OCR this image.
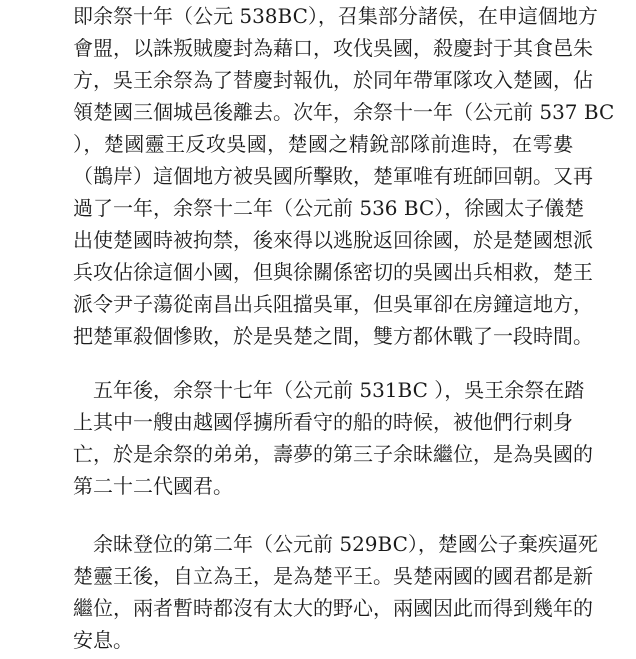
即余祭十年（公元 538BC），召集部分諸侯，在申這個地方
會盟，以誅叛賊慶封為藉口，攻伐吳國，殺慶封于其食邑朱
方，吳王余祭為了替慶封報仇，於同年帶軍隊攻入楚國，佔
領楚國三個城邑後離去。次年，余祭十一年（公元前 537 BC
），楚國靈王反攻吳國，楚國之精銳部隊前進時，在雩婁
（鵲岸）這個地方被吳國所擊敗，楚軍唯有班師回朝。又再
過了一年，余祭十二年（公元前 536 BC），徐國太子儀楚
出使楚國時被拘禁，後來得以逃脫返回徐國，於是楚國想派
兵攻佔徐這個小國，但與徐關係密切的吳國出兵相救，楚王
派令尹子蕩從南昌出兵阻擋吳軍，但吳軍卻在房鐘這地方，
把楚軍殺個慘敗，於是吳楚之間，雙方都休戰了一段時間。
五年後，余祭十七年（公元前 531BC ），吳王余祭在踏
上其中一艘由越國俘擄所看守的船的時候，被他們行刺身
亡，於是余祭的弟弟，壽夢的第三子余昧繼位，是為吳國的
第二十二代國君。
余昧登位的第二年（公元前 529BC），楚國公子棄疾逼死
楚靈王後，自立為王，是為楚平王。吳楚兩國的國君都是新
繼位，兩者暫時都沒有太大的野心，兩國因此而得到幾年的
安息。
